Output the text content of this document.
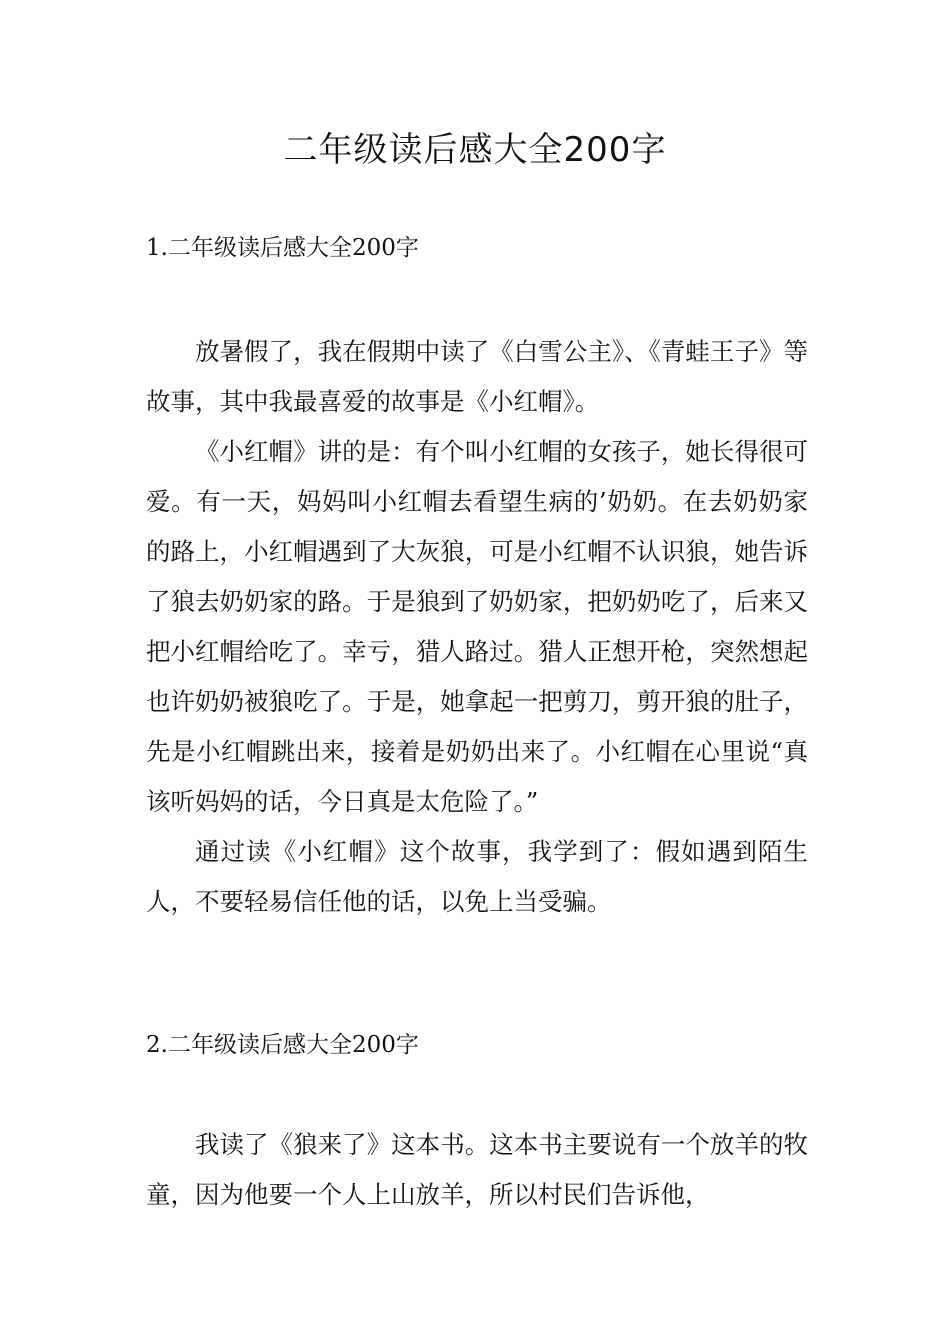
二年级读后感大全200字
1.二年级读后感大全200字

放暑假了，我在假期中读了《白雪公主》、《青蛙王子》等故事，其中我最喜爱的故事是《小红帽》。

《小红帽》讲的是：有个叫小红帽的女孩子，她长得很可爱。有一天，妈妈叫小红帽去看望生病的’奶奶。在去奶奶家的路上，小红帽遇到了大灰狼，可是小红帽不认识狼，她告诉了狼去奶奶家的路。于是狼到了奶奶家，把奶奶吃了，后来又把小红帽给吃了。幸亏，猎人路过。猎人正想开枪，突然想起也许奶奶被狼吃了。于是，她拿起一把剪刀，剪开狼的肚子，先是小红帽跳出来，接着是奶奶出来了。小红帽在心里说“真该听妈妈的话，今日真是太危险了。”

通过读《小红帽》这个故事，我学到了：假如遇到陌生人，不要轻易信任他的话，以免上当受骗。

2.二年级读后感大全200字

我读了《狼来了》这本书。这本书主要说有一个放羊的牧童，因为他要一个人上山放羊，所以村民们告诉他，
